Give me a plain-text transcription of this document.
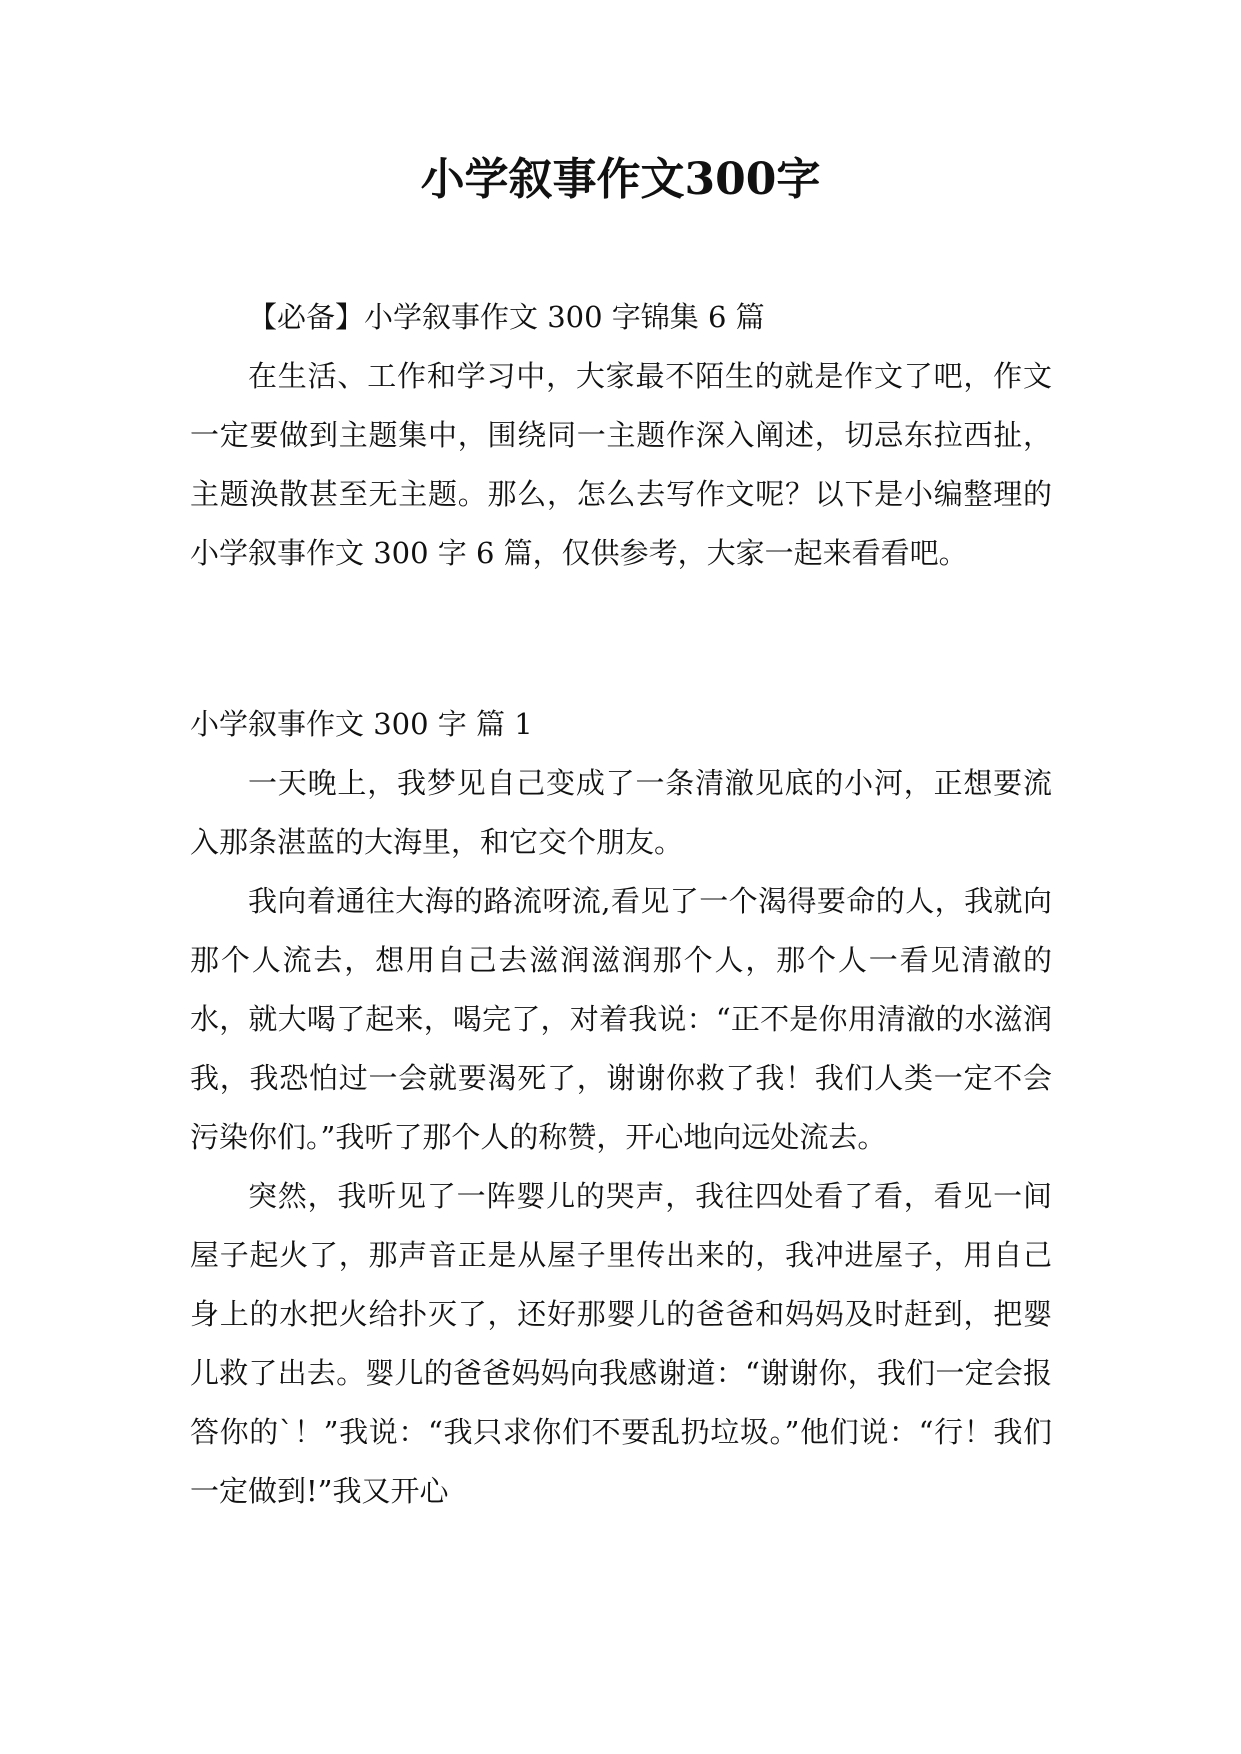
小学叙事作文300字

【必备】小学叙事作文 300 字锦集 6 篇

在生活、工作和学习中，大家最不陌生的就是作文了吧，作文一定要做到主题集中，围绕同一主题作深入阐述，切忌东拉西扯，主题涣散甚至无主题。那么，怎么去写作文呢？以下是小编整理的小学叙事作文 300 字 6 篇，仅供参考，大家一起来看看吧。

小学叙事作文 300 字 篇 1

一天晚上，我梦见自己变成了一条清澈见底的小河，正想要流入那条湛蓝的大海里，和它交个朋友。

我向着通往大海的路流呀流,看见了一个渴得要命的人，我就向那个人流去，想用自己去滋润滋润那个人，那个人一看见清澈的水，就大喝了起来，喝完了，对着我说：“正不是你用清澈的水滋润我，我恐怕过一会就要渴死了，谢谢你救了我！我们人类一定不会污染你们。”我听了那个人的称赞，开心地向远处流去。

突然，我听见了一阵婴儿的哭声，我往四处看了看，看见一间屋子起火了，那声音正是从屋子里传出来的，我冲进屋子，用自己身上的水把火给扑灭了，还好那婴儿的爸爸和妈妈及时赶到，把婴儿救了出去。婴儿的爸爸妈妈向我感谢道：“谢谢你，我们一定会报答你的`！”我说：“我只求你们不要乱扔垃圾。”他们说：“行！我们一定做到!”我又开心
